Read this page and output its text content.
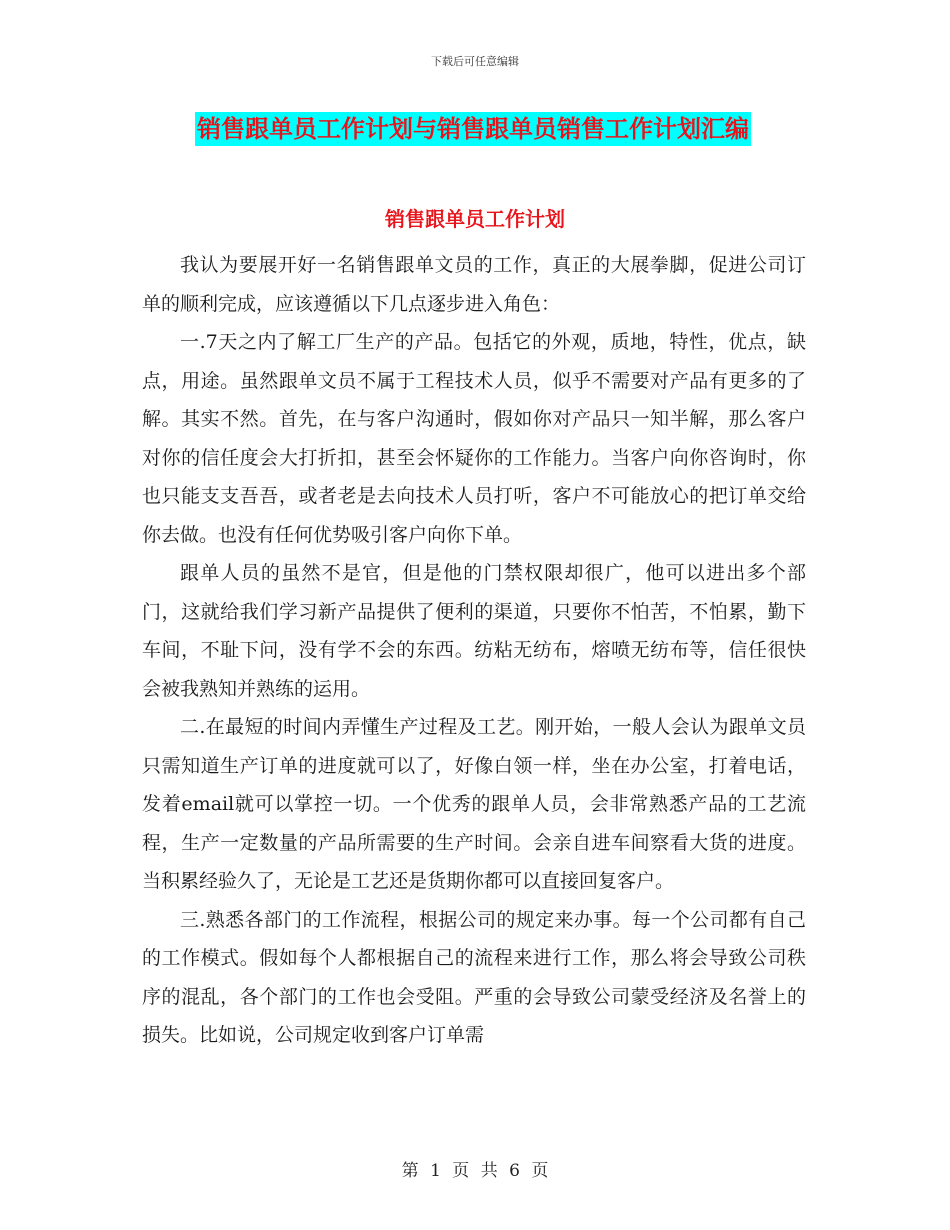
下载后可任意编辑
销售跟单员工作计划与销售跟单员销售工作计划汇编
销售跟单员工作计划

我认为要展开好一名销售跟单文员的工作，真正的大展拳脚，促进公司订单的顺利完成，应该遵循以下几点逐步进入角色：

一.7天之内了解工厂生产的产品。包括它的外观，质地，特性，优点，缺点，用途。虽然跟单文员不属于工程技术人员，似乎不需要对产品有更多的了解。其实不然。首先，在与客户沟通时，假如你对产品只一知半解，那么客户对你的信任度会大打折扣，甚至会怀疑你的工作能力。当客户向你咨询时，你也只能支支吾吾，或者老是去向技术人员打听，客户不可能放心的把订单交给你去做。也没有任何优势吸引客户向你下单。

跟单人员的虽然不是官，但是他的门禁权限却很广，他可以进出多个部门，这就给我们学习新产品提供了便利的渠道，只要你不怕苦，不怕累，勤下车间，不耻下问，没有学不会的东西。纺粘无纺布，熔喷无纺布等，信任很快会被我熟知并熟练的运用。

二.在最短的时间内弄懂生产过程及工艺。刚开始，一般人会认为跟单文员只需知道生产订单的进度就可以了，好像白领一样，坐在办公室，打着电话，发着email就可以掌控一切。一个优秀的跟单人员，会非常熟悉产品的工艺流程，生产一定数量的产品所需要的生产时间。会亲自进车间察看大货的进度。当积累经验久了，无论是工艺还是货期你都可以直接回复客户。

三.熟悉各部门的工作流程，根据公司的规定来办事。每一个公司都有自己的工作模式。假如每个人都根据自己的流程来进行工作，那么将会导致公司秩序的混乱，各个部门的工作也会受阻。严重的会导致公司蒙受经济及名誉上的损失。比如说，公司规定收到客户订单需

第 1 页 共 6 页
